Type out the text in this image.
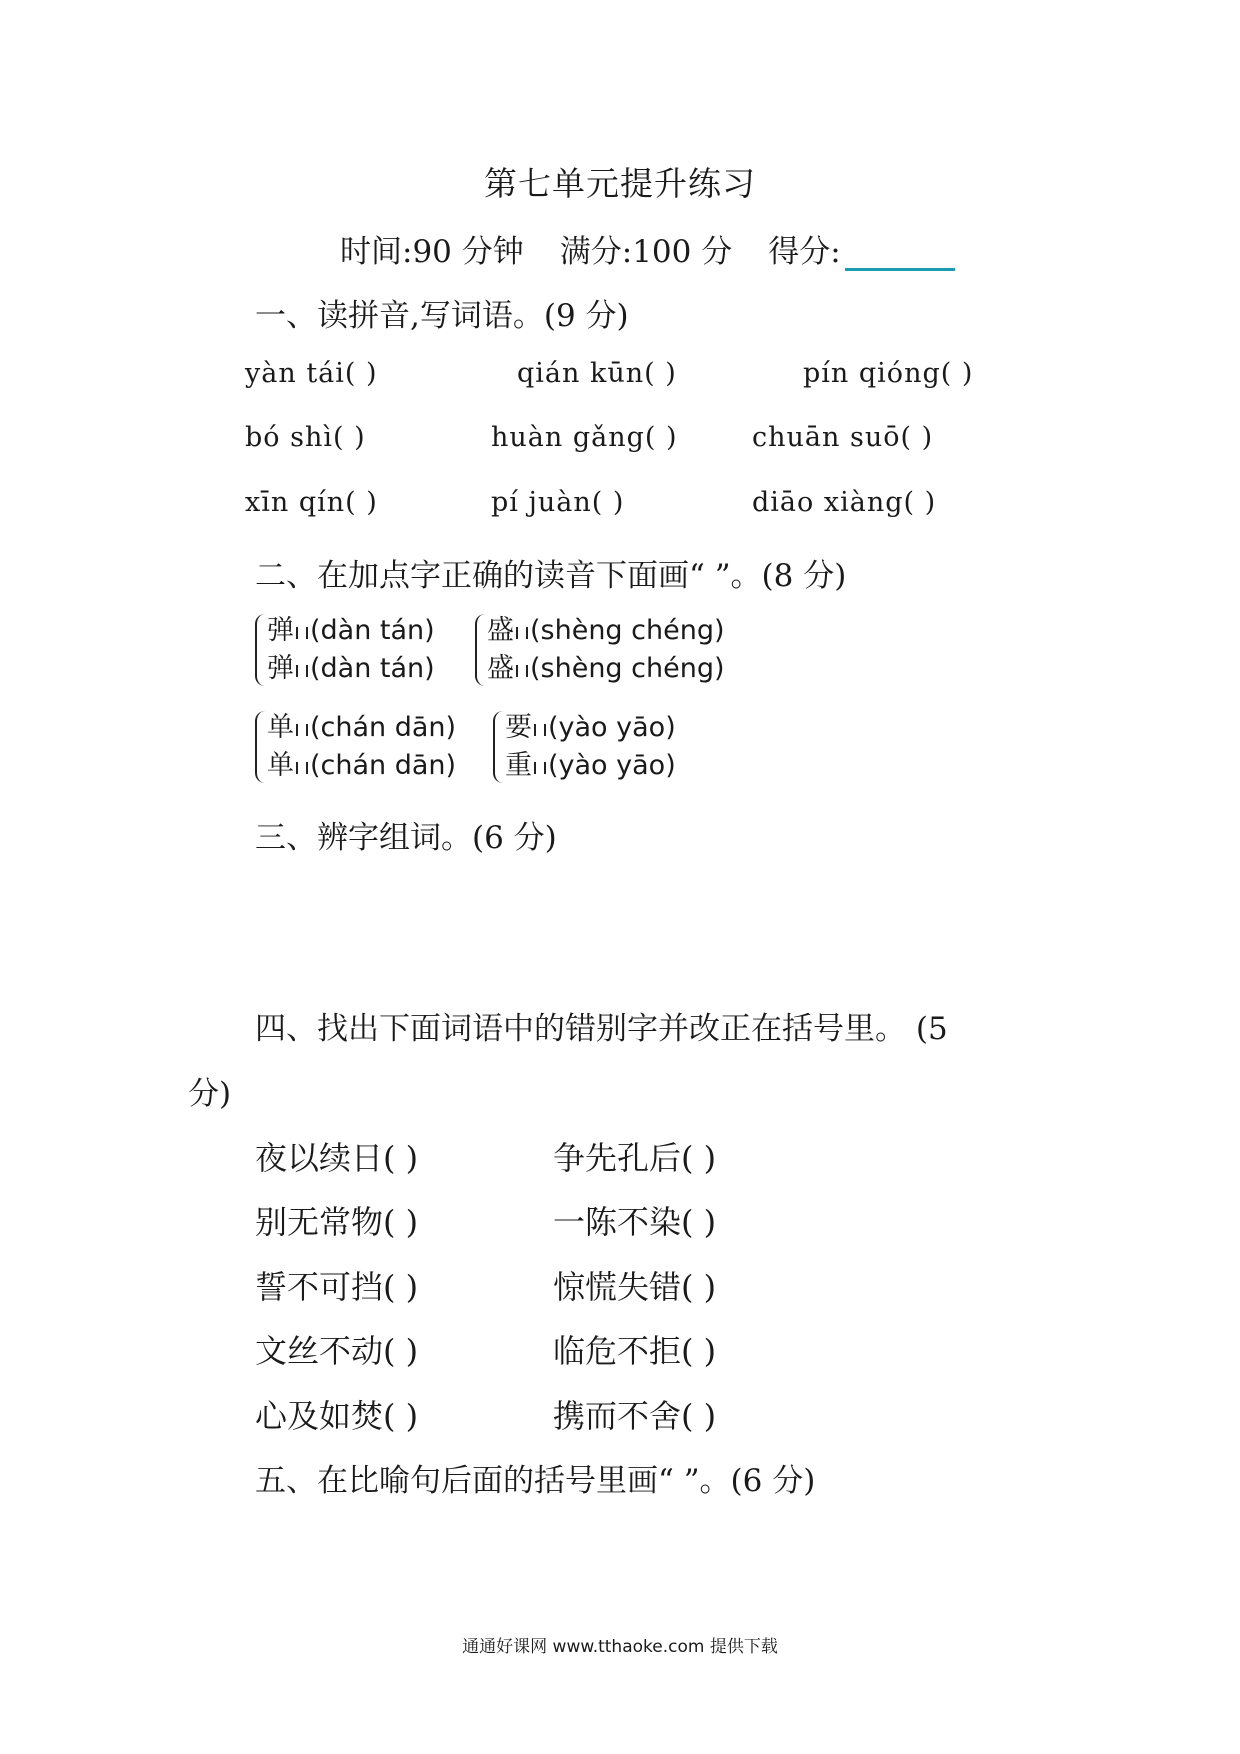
第七单元提升练习
时间:90 分钟 满分:100 分 得分:
一、读拼音,写词语。(9 分)
yàn tái( )	qián kūn( )	pín qióng( )
bó shì( )	huàn gǎng( )	chuān suō( )
xīn qín( )	pí juàn( )	diāo xiàng( )
二、在加点字正确的读音下面画“ ”。(8 分)
弹 (dàn tán)
弹 (dàn tán)
盛 (shèng chéng)
盛 (shèng chéng)
单 (chán dān)
单 (chán dān)
要 (yào yāo)
重 (yào yāo)
三、辨字组词。(6 分)
四、找出下面词语中的错别字并改正在括号里。 (5
分)
夜以续日( )	争先孔后( )
别无常物( )	一陈不染( )
誓不可挡( )	惊慌失错( )
文丝不动( )	临危不拒( )
心及如焚( )	携而不舍( )
五、在比喻句后面的括号里画“ ”。(6 分)
通通好课网 www.tthaoke.com 提供下载
